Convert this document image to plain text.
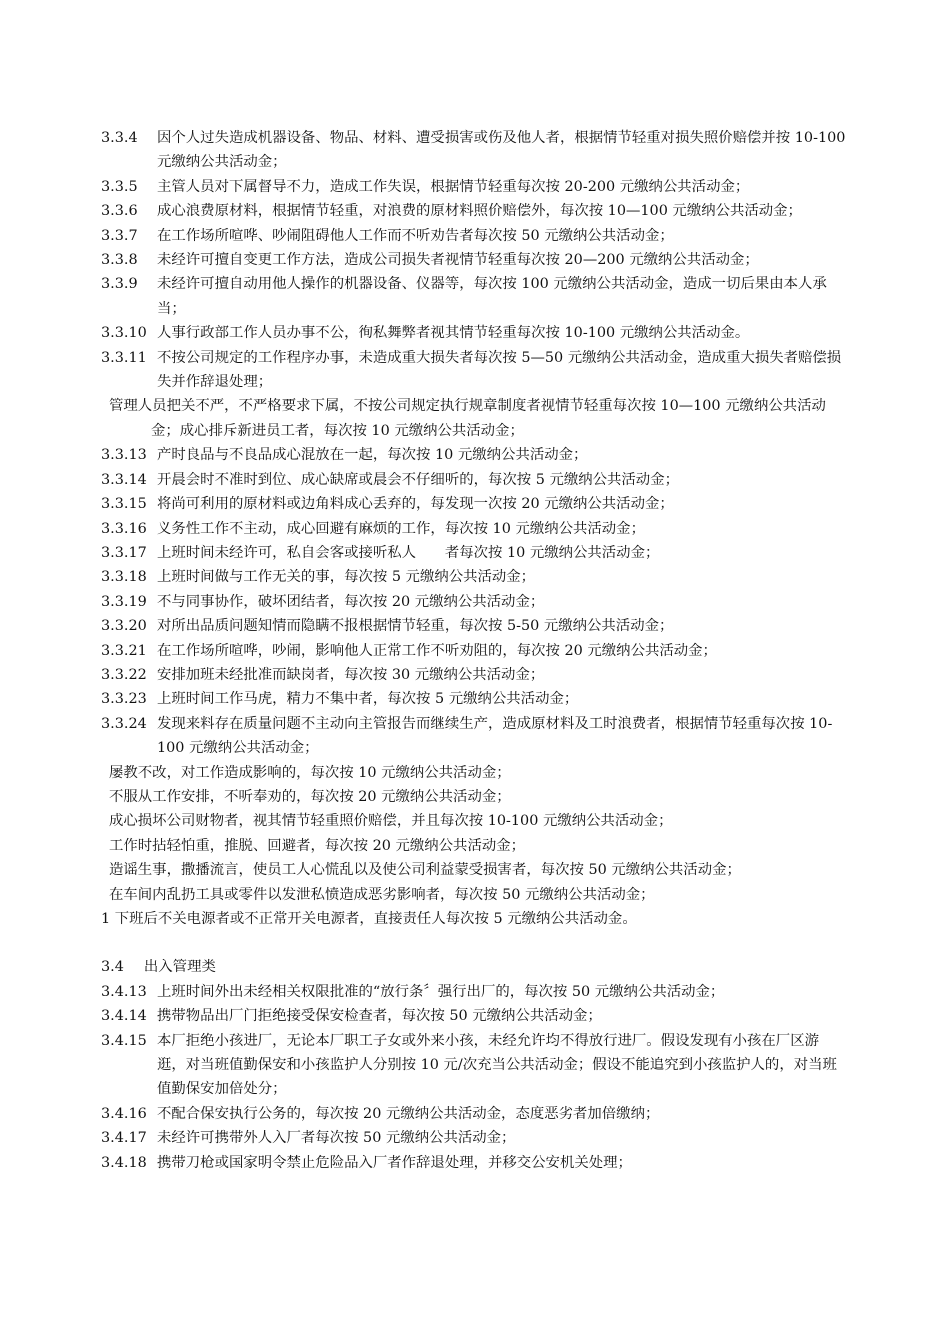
3.3.4 因个人过失造成机器设备、物品、材料、遭受损害或伤及他人者，根据情节轻重对损失照价赔偿并按 10-100 元缴纳公共活动金；
3.3.5 主管人员对下属督导不力，造成工作失误，根据情节轻重每次按 20-200 元缴纳公共活动金；
3.3.6 成心浪费原材料，根据情节轻重，对浪费的原材料照价赔偿外，每次按 10—100 元缴纳公共活动金；
3.3.7 在工作场所喧哗、吵闹阻碍他人工作而不听劝告者每次按 50 元缴纳公共活动金；
3.3.8 未经许可擅自变更工作方法，造成公司损失者视情节轻重每次按 20—200 元缴纳公共活动金；
3.3.9 未经许可擅自动用他人操作的机器设备、仪器等，每次按 100 元缴纳公共活动金，造成一切后果由本人承当；
3.3.10 人事行政部工作人员办事不公，徇私舞弊者视其情节轻重每次按 10-100 元缴纳公共活动金。
3.3.11 不按公司规定的工作程序办事，未造成重大损失者每次按 5—50 元缴纳公共活动金，造成重大损失者赔偿损失并作辞退处理；
管理人员把关不严，不严格要求下属，不按公司规定执行规章制度者视情节轻重每次按 10—100 元缴纳公共活动金；成心排斥新进员工者，每次按 10 元缴纳公共活动金；
3.3.13 产时良品与不良品成心混放在一起，每次按 10 元缴纳公共活动金；
3.3.14 开晨会时不准时到位、成心缺席或晨会不仔细听的，每次按 5 元缴纳公共活动金；
3.3.15 将尚可利用的原材料或边角料成心丢弃的，每发现一次按 20 元缴纳公共活动金；
3.3.16 义务性工作不主动，成心回避有麻烦的工作，每次按 10 元缴纳公共活动金；
3.3.17 上班时间未经许可，私自会客或接听私人　　者每次按 10 元缴纳公共活动金；
3.3.18 上班时间做与工作无关的事，每次按 5 元缴纳公共活动金；
3.3.19 不与同事协作，破坏团结者，每次按 20 元缴纳公共活动金；
3.3.20 对所出品质问题知情而隐瞒不报根据情节轻重，每次按 5-50 元缴纳公共活动金；
3.3.21 在工作场所喧哗，吵闹，影响他人正常工作不听劝阻的，每次按 20 元缴纳公共活动金；
3.3.22 安排加班未经批准而缺岗者，每次按 30 元缴纳公共活动金；
3.3.23 上班时间工作马虎，精力不集中者，每次按 5 元缴纳公共活动金；
3.3.24 发现来料存在质量问题不主动向主管报告而继续生产，造成原材料及工时浪费者，根据情节轻重每次按 10-100 元缴纳公共活动金；
屡教不改，对工作造成影响的，每次按 10 元缴纳公共活动金；
不服从工作安排，不听奉劝的，每次按 20 元缴纳公共活动金；
成心损坏公司财物者，视其情节轻重照价赔偿，并且每次按 10-100 元缴纳公共活动金；
工作时拈轻怕重，推脱、回避者，每次按 20 元缴纳公共活动金；
造谣生事，撒播流言，使员工人心慌乱以及使公司利益蒙受损害者，每次按 50 元缴纳公共活动金；
在车间内乱扔工具或零件以发泄私愤造成恶劣影响者，每次按 50 元缴纳公共活动金；
1 下班后不关电源者或不正常开关电源者，直接责任人每次按 5 元缴纳公共活动金。
3.4 出入管理类
3.4.13 上班时间外出未经相关权限批准的“放行条〞强行出厂的，每次按 50 元缴纳公共活动金；
3.4.14 携带物品出厂门拒绝接受保安检查者，每次按 50 元缴纳公共活动金；
3.4.15 本厂拒绝小孩进厂，无论本厂职工子女或外来小孩，未经允许均不得放行进厂。假设发现有小孩在厂区游逛，对当班值勤保安和小孩监护人分别按 10 元/次充当公共活动金；假设不能追究到小孩监护人的，对当班值勤保安加倍处分；
3.4.16 不配合保安执行公务的，每次按 20 元缴纳公共活动金，态度恶劣者加倍缴纳；
3.4.17 未经许可携带外人入厂者每次按 50 元缴纳公共活动金；
3.4.18 携带刀枪或国家明令禁止危险品入厂者作辞退处理，并移交公安机关处理；
